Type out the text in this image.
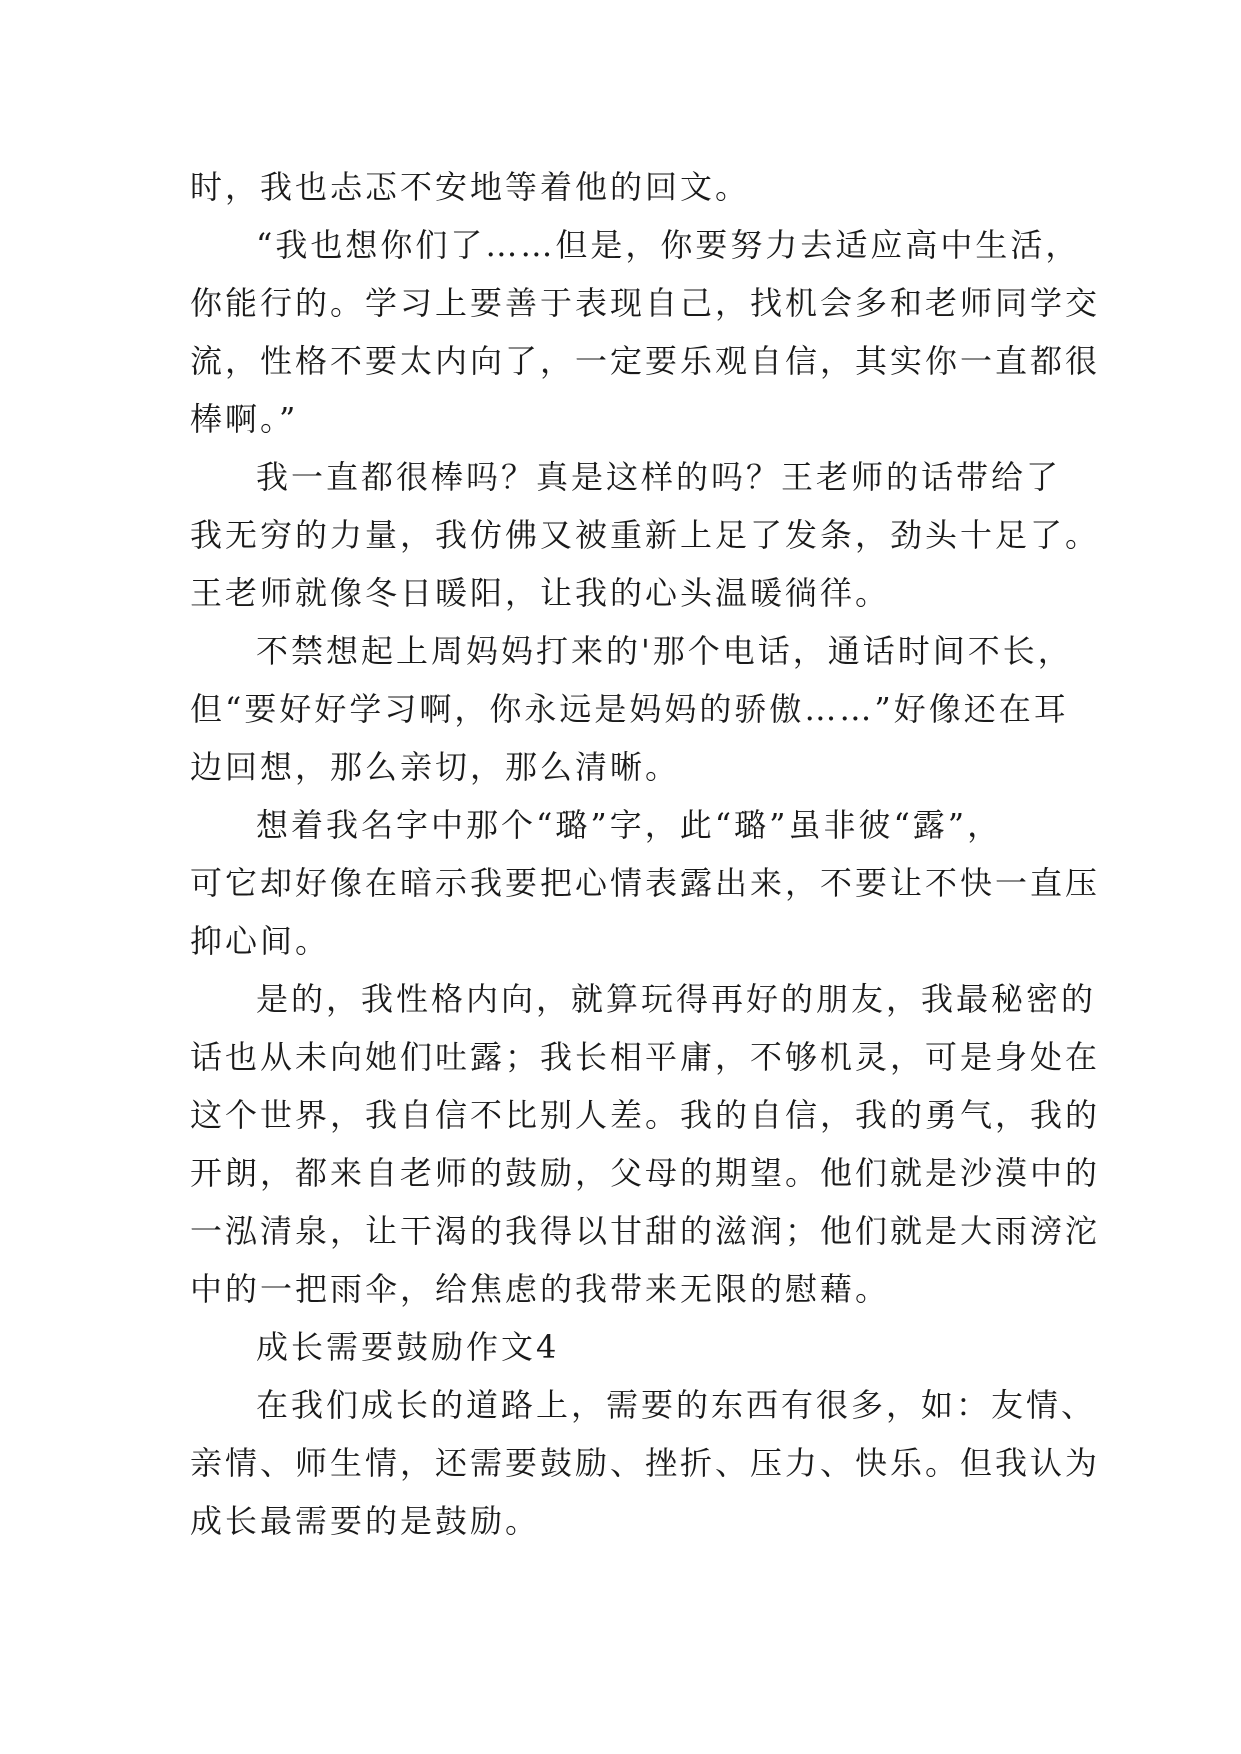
时，我也忐忑不安地等着他的回文。
“我也想你们了……但是，你要努力去适应高中生活，
你能行的。学习上要善于表现自己，找机会多和老师同学交
流，性格不要太内向了，一定要乐观自信，其实你一直都很
棒啊。”
我一直都很棒吗？真是这样的吗？王老师的话带给了
我无穷的力量，我仿佛又被重新上足了发条，劲头十足了。
王老师就像冬日暖阳，让我的心头温暖徜徉。
不禁想起上周妈妈打来的'那个电话，通话时间不长，
但“要好好学习啊，你永远是妈妈的骄傲……”好像还在耳
边回想，那么亲切，那么清晰。
想着我名字中那个“璐”字，此“璐”虽非彼“露”，
可它却好像在暗示我要把心情表露出来，不要让不快一直压
抑心间。
是的，我性格内向，就算玩得再好的朋友，我最秘密的
话也从未向她们吐露；我长相平庸，不够机灵，可是身处在
这个世界，我自信不比别人差。我的自信，我的勇气，我的
开朗，都来自老师的鼓励，父母的期望。他们就是沙漠中的
一泓清泉，让干渴的我得以甘甜的滋润；他们就是大雨滂沱
中的一把雨伞，给焦虑的我带来无限的慰藉。
成长需要鼓励作文4
在我们成长的道路上，需要的东西有很多，如：友情、
亲情、师生情，还需要鼓励、挫折、压力、快乐。但我认为
成长最需要的是鼓励。
